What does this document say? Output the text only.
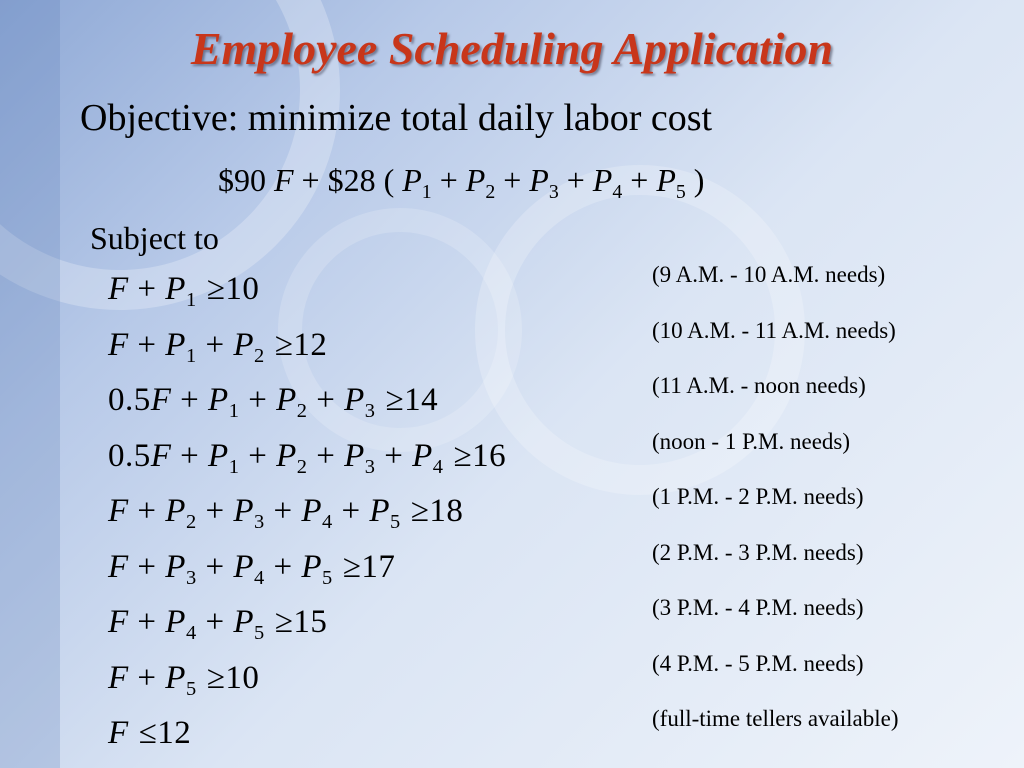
Employee Scheduling Application
Objective: minimize total daily labor cost
$90 F + $28 ( $P_1 + P_2 + P_3 + P_4 + P_5$ )
Subject to
$F + P_1 \ge 10$	(9 A.M. - 10 A.M. needs)
$F + P_1 + P_2 \ge 12$	(10 A.M. - 11 A.M. needs)
$0.5F + P_1 + P_2 + P_3 \ge 14$	(11 A.M. - noon needs)
$0.5F + P_1 + P_2 + P_3 + P_4 \ge 16$	(noon - 1 P.M. needs)
$F + P_2 + P_3 + P_4 + P_5 \ge 18$	(1 P.M. - 2 P.M. needs)
$F + P_3 + P_4 + P_5 \ge 17$	(2 P.M. - 3 P.M. needs)
$F + P_4 + P_5 \ge 15$	(3 P.M. - 4 P.M. needs)
$F + P_5 \ge 10$	(4 P.M. - 5 P.M. needs)
F ≤12	(full-time tellers available)
